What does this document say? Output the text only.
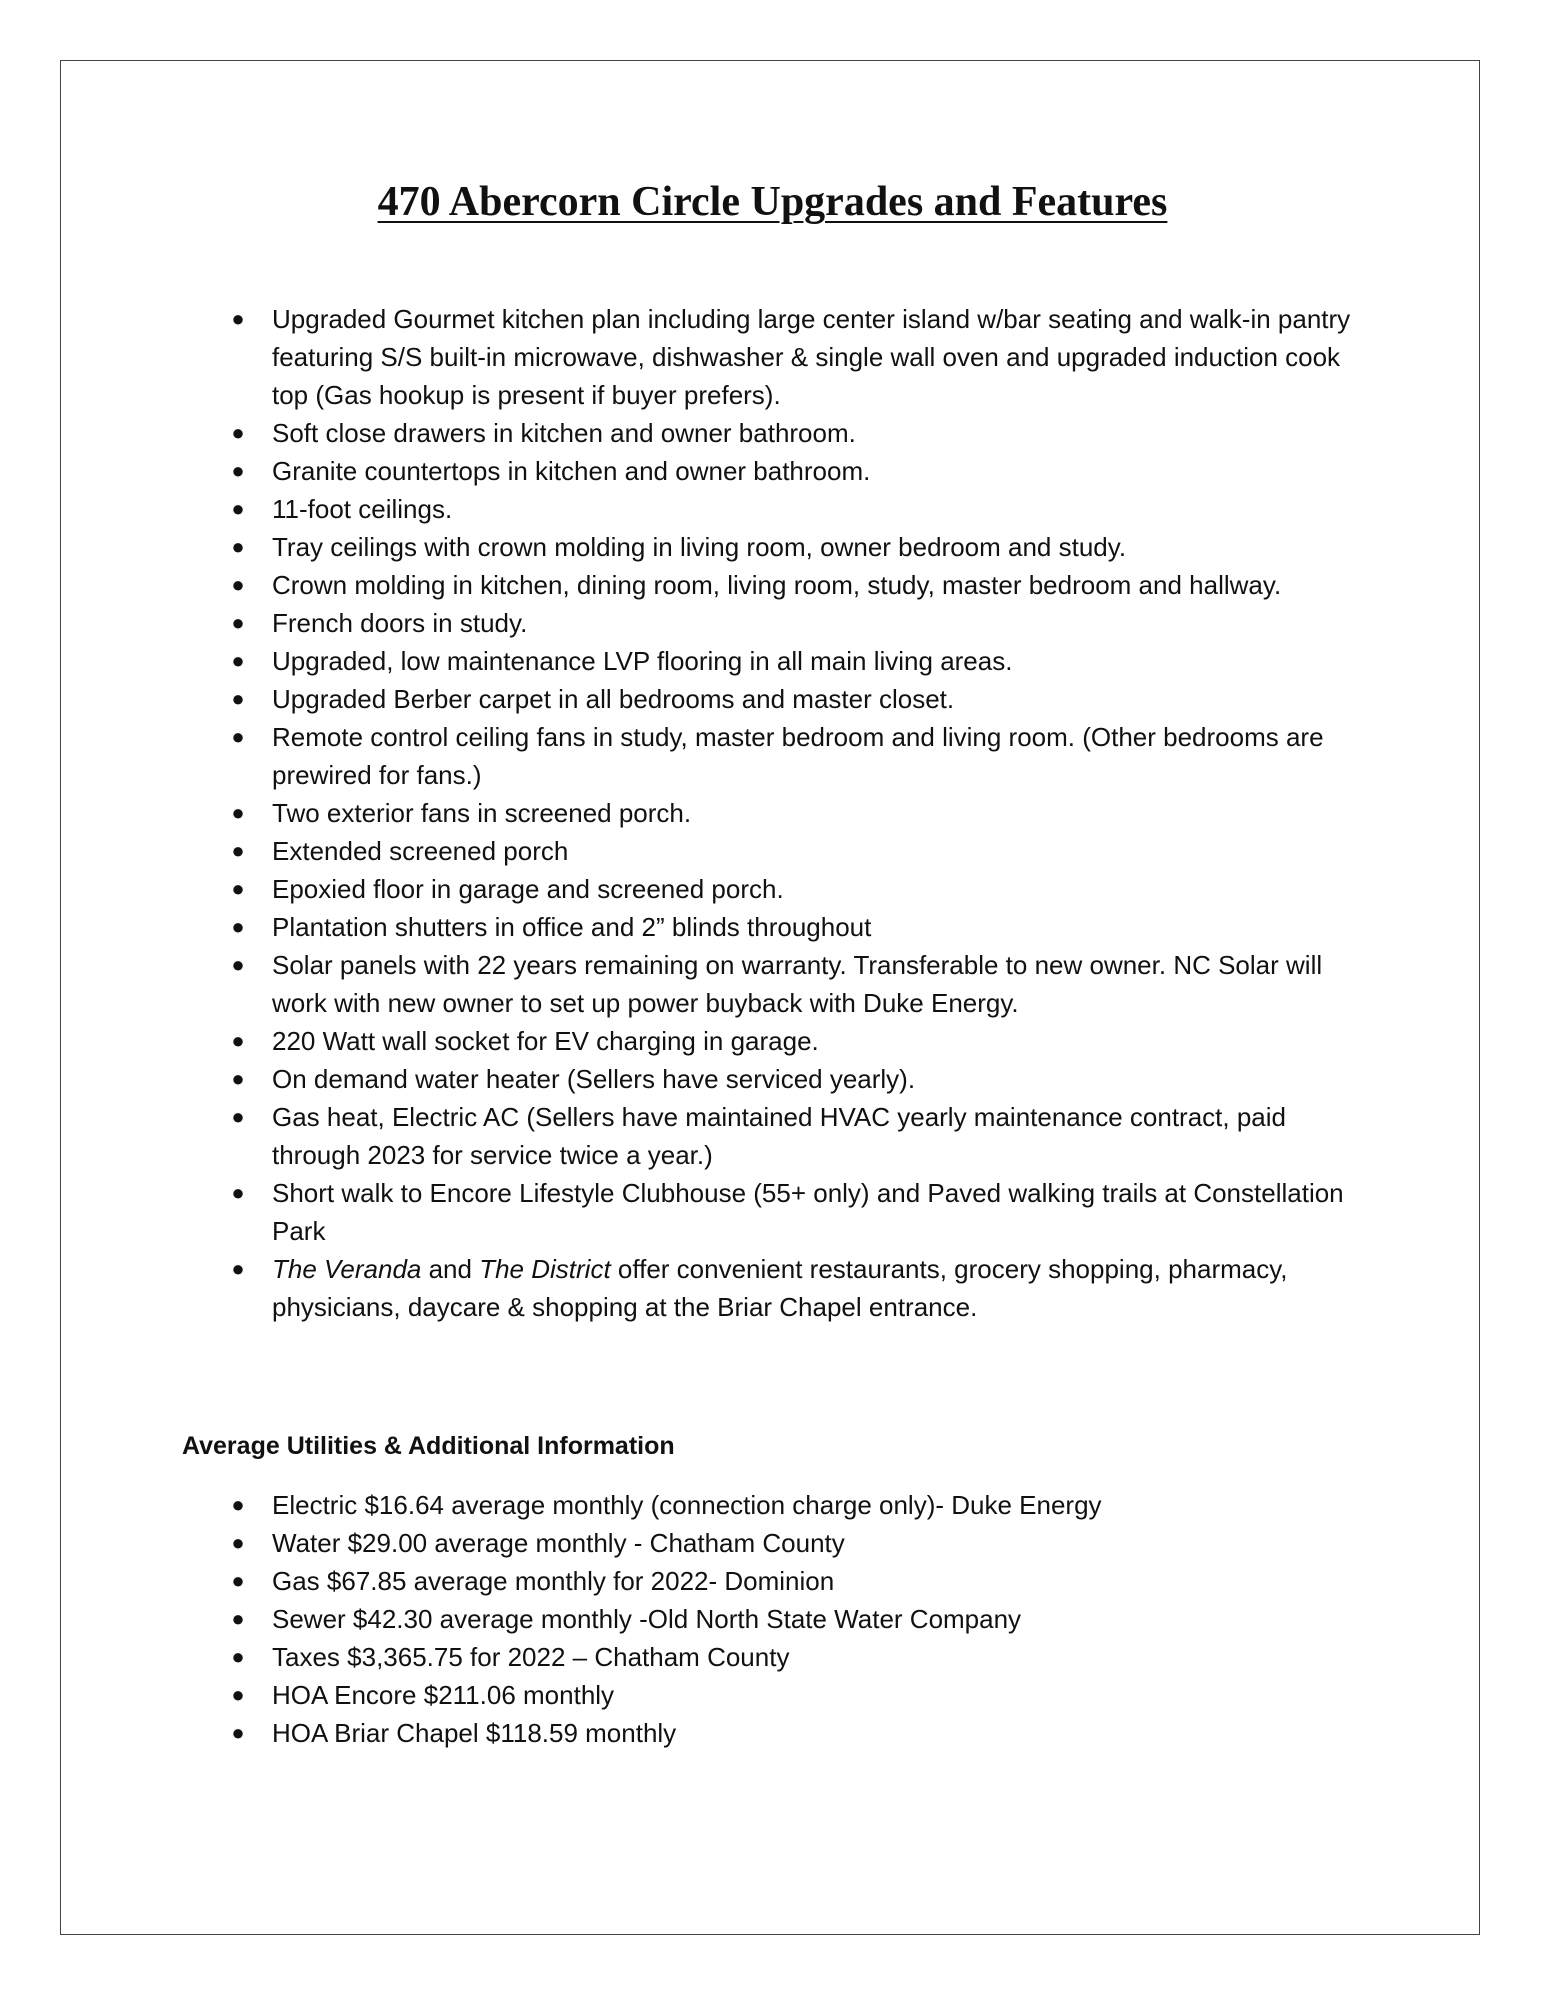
470 Abercorn Circle Upgrades and Features
● Upgraded Gourmet kitchen plan including large center island w/bar seating and walk-in pantry featuring S/S built-in microwave, dishwasher & single wall oven and upgraded induction cook top (Gas hookup is present if buyer prefers).
● Soft close drawers in kitchen and owner bathroom.
● Granite countertops in kitchen and owner bathroom.
● 11-foot ceilings.
● Tray ceilings with crown molding in living room, owner bedroom and study.
● Crown molding in kitchen, dining room, living room, study, master bedroom and hallway.
● French doors in study.
● Upgraded, low maintenance LVP flooring in all main living areas.
● Upgraded Berber carpet in all bedrooms and master closet.
● Remote control ceiling fans in study, master bedroom and living room. (Other bedrooms are prewired for fans.)
● Two exterior fans in screened porch.
● Extended screened porch
● Epoxied floor in garage and screened porch.
● Plantation shutters in office and 2” blinds throughout
● Solar panels with 22 years remaining on warranty. Transferable to new owner. NC Solar will work with new owner to set up power buyback with Duke Energy.
● 220 Watt wall socket for EV charging in garage.
● On demand water heater (Sellers have serviced yearly).
● Gas heat, Electric AC (Sellers have maintained HVAC yearly maintenance contract, paid through 2023 for service twice a year.)
● Short walk to Encore Lifestyle Clubhouse (55+ only) and Paved walking trails at Constellation Park
● The Veranda and The District offer convenient restaurants, grocery shopping, pharmacy, physicians, daycare & shopping at the Briar Chapel entrance.
Average Utilities & Additional Information
● Electric $16.64 average monthly (connection charge only)- Duke Energy
● Water $29.00 average monthly - Chatham County
● Gas $67.85 average monthly for 2022- Dominion
● Sewer $42.30 average monthly -Old North State Water Company
● Taxes $3,365.75 for 2022 – Chatham County
● HOA Encore $211.06 monthly
● HOA Briar Chapel $118.59 monthly
